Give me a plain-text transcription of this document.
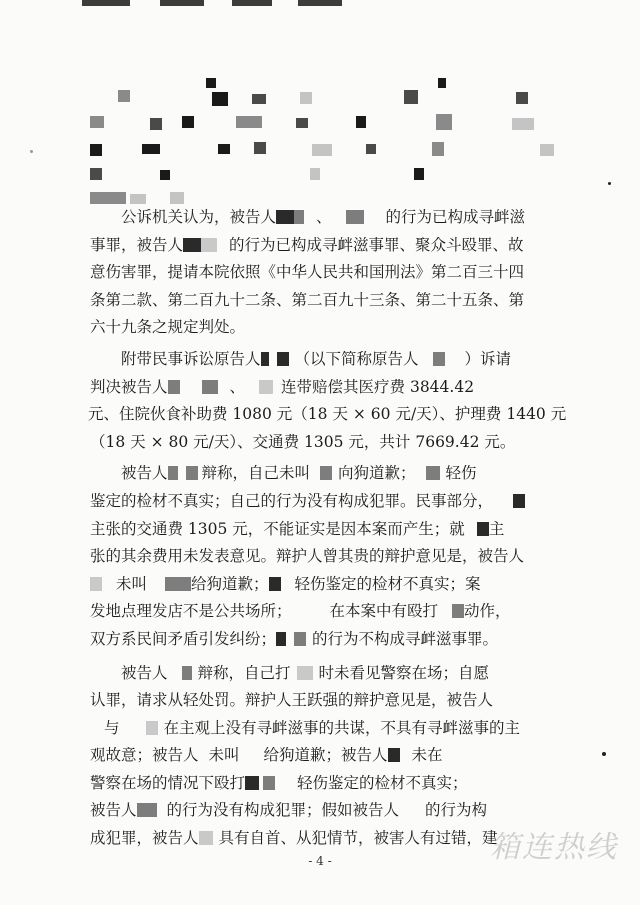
公诉机关认为，被告人	、	的行为已构成寻衅滋
事罪，被告人	的行为已构成寻衅滋事罪、聚众斗殴罪、故
意伤害罪，提请本院依照《中华人民共和国刑法》第二百三十四
条第二款、第二百九十二条、第二百九十三条、第二十五条、第
六十九条之规定判处。
附带民事诉讼原告人 （以下简称原告人	）诉请
判决被告人	、 连带赔偿其医疗费 3844.42
元、住院伙食补助费 1080 元（18 天 × 60 元/天）、护理费 1440 元
（18 天 × 80 元/天）、交通费 1305 元，共计 7669.42 元。
被告人 辩称，自己未叫 向狗道歉； 轻伤
鉴定的检材不真实；自己的行为没有构成犯罪。民事部分，
主张的交通费 1305 元，不能证实是因本案而产生；就 主
张的其余费用未发表意见。辩护人曾其贵的辩护意见是，被告人
未叫	给狗道歉； 轻伤鉴定的检材不真实；案
发地点理发店不是公共场所； 在本案中有殴打 动作，
双方系民间矛盾引发纠纷； 的行为不构成寻衅滋事罪。
被告人 辩称，自己打 时未看见警察在场；自愿
认罪，请求从轻处罚。辩护人王跃强的辩护意见是，被告人
与	在主观上没有寻衅滋事的共谋，不具有寻衅滋事的主
观故意；被告人 未叫 给狗道歉；被告人 未在
警察在场的情况下殴打	轻伤鉴定的检材不真实；
被告人 的行为没有构成犯罪；假如被告人 的行为构
成犯罪，被告人 具有自首、从犯情节，被害人有过错，建
- 4 -	箱连热线
